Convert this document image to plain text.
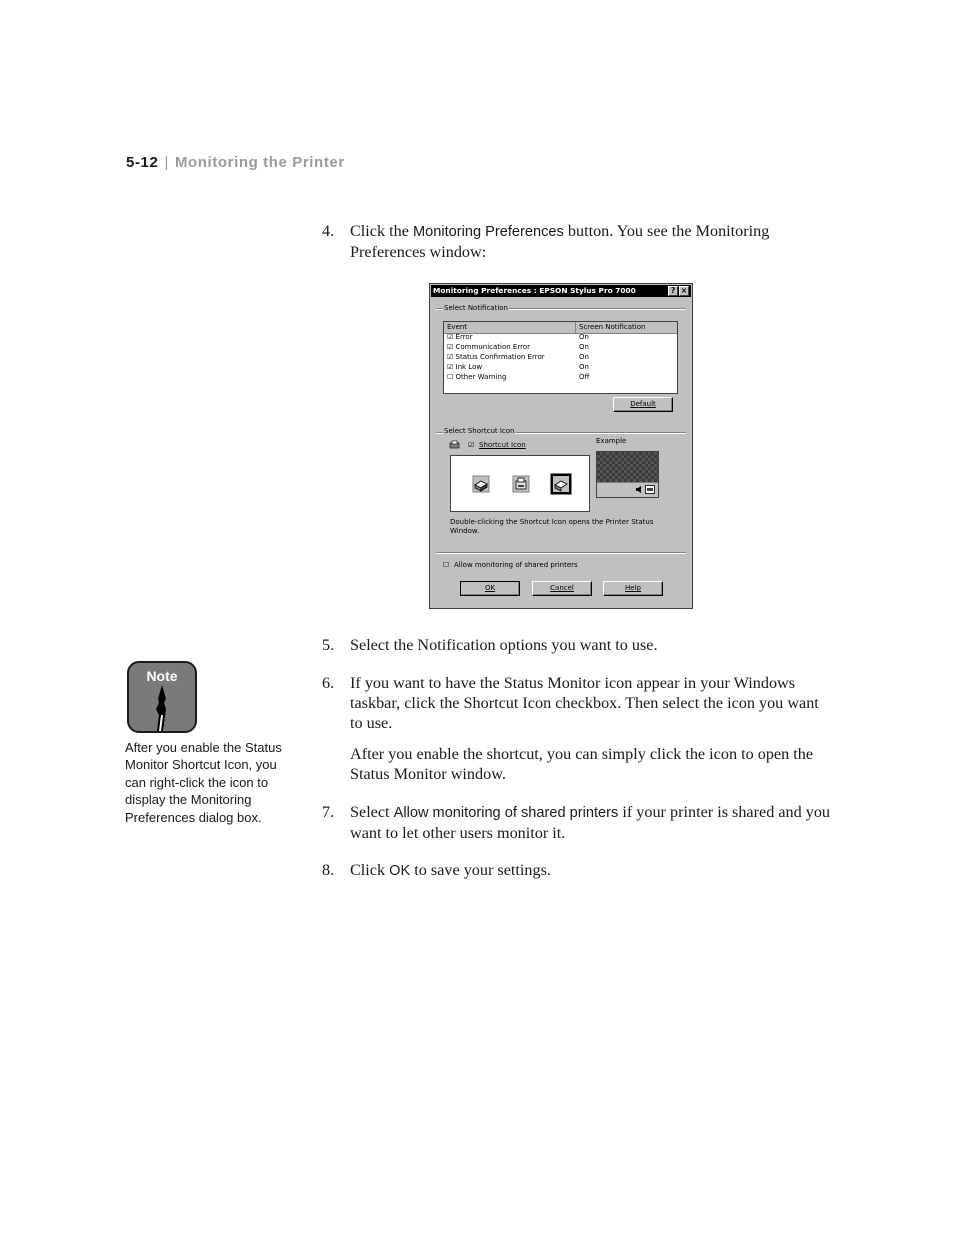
5-12 | Monitoring the Printer
4. Click the Monitoring Preferences button. You see the Monitoring Preferences window:
Monitoring Preferences : EPSON Stylus Pro 7000	? ×
Select Notification
Event	Screen Notification
☑ Error	On
☑ Communication Error	On
☑ Status Confirmation Error	On
☑ Ink Low	On
☐ Other Warning	Off
Default
Select Shortcut Icon
☑ Shortcut Icon	Example
Double-clicking the Shortcut Icon opens the Printer Status Window.
☐ Allow monitoring of shared printers
OK	Cancel	Help
5. Select the Notification options you want to use.
6. If you want to have the Status Monitor icon appear in your Windows taskbar, click the Shortcut Icon checkbox. Then select the icon you want to use.
After you enable the shortcut, you can simply click the icon to open the Status Monitor window.
7. Select Allow monitoring of shared printers if your printer is shared and you want to let other users monitor it.
8. Click OK to save your settings.
Note
After you enable the Status Monitor Shortcut Icon, you can right-click the icon to display the Monitoring Preferences dialog box.
